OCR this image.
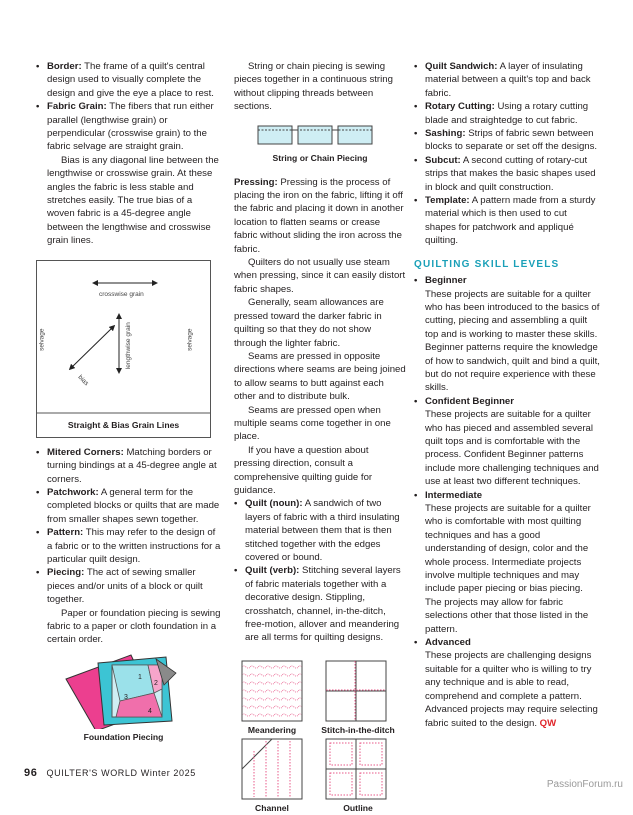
• Border: The frame of a quilt's central design used to visually complete the design and give the eye a place to rest.

• Fabric Grain: The fibers that run either parallel (lengthwise grain) or perpendicular (crosswise grain) to the fabric selvage are straight grain.

Bias is any diagonal line between the lengthwise or crosswise grain. At these angles the fabric is less stable and stretches easily. The true bias of a woven fabric is a 45-degree angle between the lengthwise and crosswise grain lines.

crosswise grain
selvage	selvage
lengthwise grain
bias
Straight & Bias Grain Lines

• Mitered Corners: Matching borders or turning bindings at a 45-degree angle at corners.

• Patchwork: A general term for the completed blocks or quilts that are made from smaller shapes sewn together.

• Pattern: This may refer to the design of a fabric or to the written instructions for a particular quilt design.

• Piecing: The act of sewing smaller pieces and/or units of a block or quilt together.

Paper or foundation piecing is sewing fabric to a paper or cloth foundation in a certain order.

1
2
3
4
Foundation Piecing

String or chain piecing is sewing pieces together in a continuous string without clipping threads between sections.

String or Chain Piecing

Pressing: Pressing is the process of placing the iron on the fabric, lifting it off the fabric and placing it down in another location to flatten seams or crease fabric without sliding the iron across the fabric.

Quilters do not usually use steam when pressing, since it can easily distort fabric shapes.

Generally, seam allowances are pressed toward the darker fabric in quilting so that they do not show through the lighter fabric.

Seams are pressed in opposite directions where seams are being joined to allow seams to butt against each other and to distribute bulk.

Seams are pressed open when multiple seams come together in one place.

If you have a question about pressing direction, consult a comprehensive quilting guide for guidance.

• Quilt (noun): A sandwich of two layers of fabric with a third insulating material between them that is then stitched together with the edges covered or bound.

• Quilt (verb): Stitching several layers of fabric materials together with a decorative design. Stippling, crosshatch, channel, in-the-ditch, free-motion, allover and meandering are all terms for quilting designs.

Meandering	Stitch-in-the-ditch
Channel	Outline

• Quilt Sandwich: A layer of insulating material between a quilt's top and back fabric.

• Rotary Cutting: Using a rotary cutting blade and straightedge to cut fabric.

• Sashing: Strips of fabric sewn between blocks to separate or set off the designs.

• Subcut: A second cutting of rotary-cut strips that makes the basic shapes used in block and quilt construction.

• Template: A pattern made from a sturdy material which is then used to cut shapes for patchwork and appliqué quilting.

QUILTING SKILL LEVELS

• Beginner

These projects are suitable for a quilter who has been introduced to the basics of cutting, piecing and assembling a quilt top and is working to master these skills. Beginner patterns require the knowledge of how to sandwich, quilt and bind a quilt, but do not require experience with these skills.

• Confident Beginner

These projects are suitable for a quilter who has pieced and assembled several quilt tops and is comfortable with the process. Confident Beginner patterns include more challenging techniques and use at least two different techniques.

• Intermediate

These projects are suitable for a quilter who is comfortable with most quilting techniques and has a good understanding of design, color and the whole process. Intermediate projects involve multiple techniques and may include paper piecing or bias piecing. The projects may allow for fabric selections other that those listed in the pattern.

• Advanced

These projects are challenging designs suitable for a quilter who is willing to try any technique and is able to read, comprehend and complete a pattern. Advanced projects may require selecting fabric suited to the design. QW

96 QUILTER'S WORLD Winter 2025
PassionForum.ru
